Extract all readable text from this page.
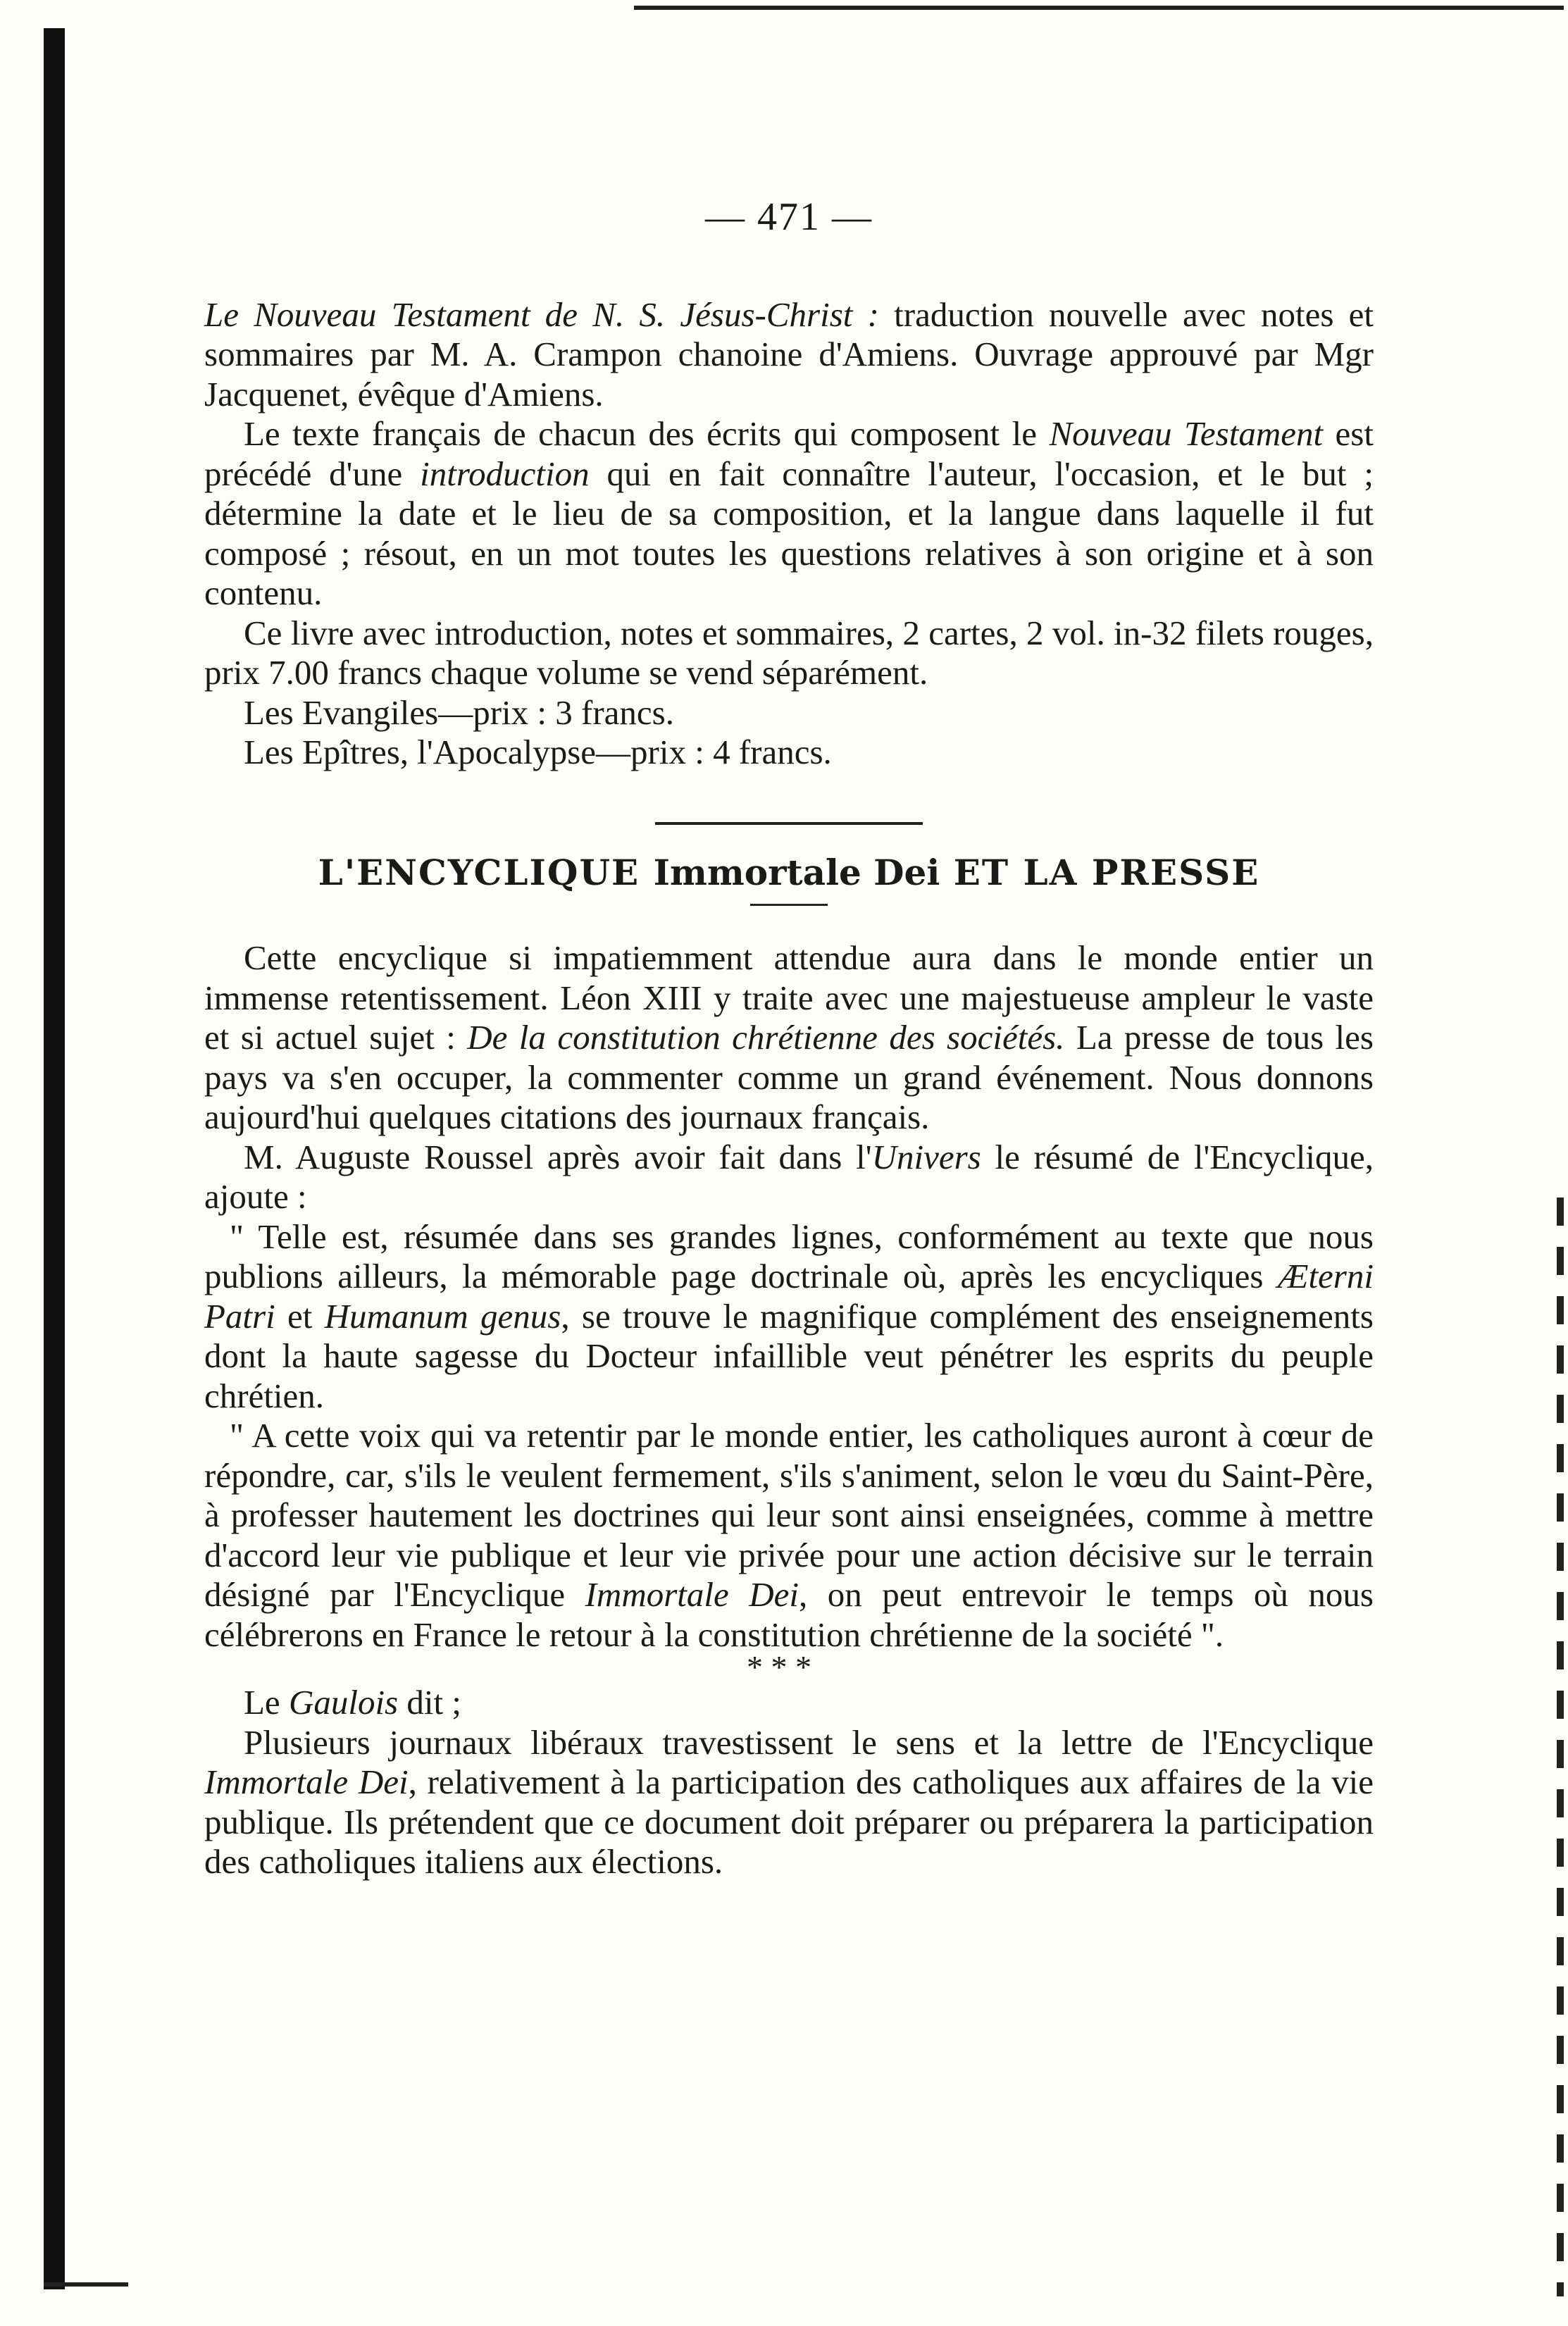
— 471 —

Le Nouveau Testament de N. S. Jésus-Christ : traduction nouvelle avec notes et sommaires par M. A. Crampon chanoine d'Amiens. Ouvrage approuvé par Mgr Jacquenet, évêque d'Amiens.

Le texte français de chacun des écrits qui composent le Nouveau Testament est précédé d'une introduction qui en fait connaître l'auteur, l'occasion, et le but ; détermine la date et le lieu de sa composition, et la langue dans laquelle il fut composé ; résout, en un mot toutes les questions relatives à son origine et à son contenu.

Ce livre avec introduction, notes et sommaires, 2 cartes, 2 vol. in-32 filets rouges, prix 7.00 francs chaque volume se vend séparément.

Les Evangiles—prix : 3 francs.

Les Epîtres, l'Apocalypse—prix : 4 francs.

L'ENCYCLIQUE Immortale Dei ET LA PRESSE

Cette encyclique si impatiemment attendue aura dans le monde entier un immense retentissement. Léon XIII y traite avec une majestueuse ampleur le vaste et si actuel sujet : De la constitution chrétienne des sociétés. La presse de tous les pays va s'en occuper, la commenter comme un grand événement. Nous donnons aujourd'hui quelques citations des journaux français.

M. Auguste Roussel après avoir fait dans l'Univers le résumé de l'Encyclique, ajoute :

" Telle est, résumée dans ses grandes lignes, conformément au texte que nous publions ailleurs, la mémorable page doctrinale où, après les encycliques Æterni Patri et Humanum genus, se trouve le magnifique complément des enseignements dont la haute sagesse du Docteur infaillible veut pénétrer les esprits du peuple chrétien.

" A cette voix qui va retentir par le monde entier, les catholiques auront à cœur de répondre, car, s'ils le veulent fermement, s'ils s'animent, selon le vœu du Saint-Père, à professer hautement les doctrines qui leur sont ainsi enseignées, comme à mettre d'accord leur vie publique et leur vie privée pour une action décisive sur le terrain désigné par l'Encyclique Immortale Dei, on peut entrevoir le temps où nous célébrerons en France le retour à la constitution chrétienne de la société ".

* * *

Le Gaulois dit ;

Plusieurs journaux libéraux travestissent le sens et la lettre de l'Encyclique Immortale Dei, relativement à la participation des catholiques aux affaires de la vie publique. Ils prétendent que ce document doit préparer ou préparera la participation des catholiques italiens aux élections.
